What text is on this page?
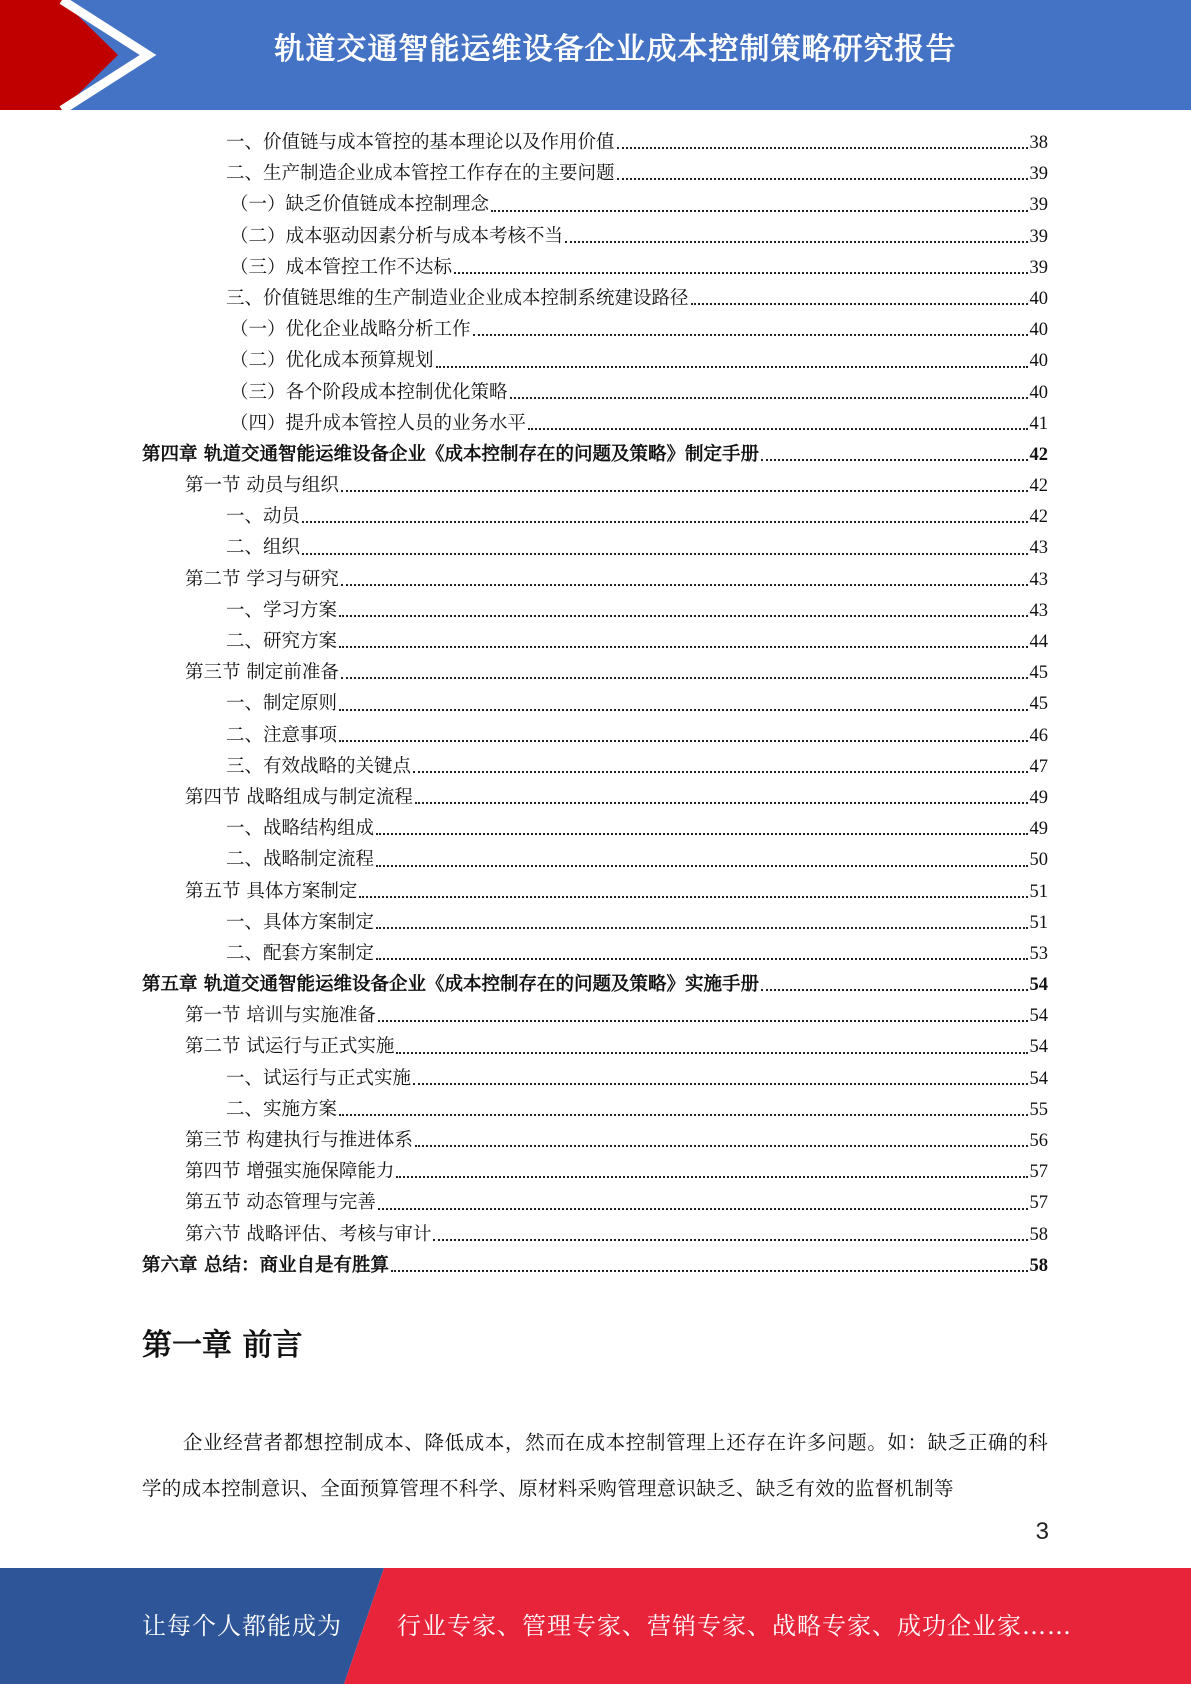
轨道交通智能运维设备企业成本控制策略研究报告
一、价值链与成本管控的基本理论以及作用价值	38
二、生产制造企业成本管控工作存在的主要问题	39
（一）缺乏价值链成本控制理念	39
（二）成本驱动因素分析与成本考核不当	39
（三）成本管控工作不达标	39
三、价值链思维的生产制造业企业成本控制系统建设路径	40
（一）优化企业战略分析工作	40
（二）优化成本预算规划	40
（三）各个阶段成本控制优化策略	40
（四）提升成本管控人员的业务水平	41
第四章 轨道交通智能运维设备企业《成本控制存在的问题及策略》制定手册	42
第一节 动员与组织	42
一、动员	42
二、组织	43
第二节 学习与研究	43
一、学习方案	43
二、研究方案	44
第三节 制定前准备	45
一、制定原则	45
二、注意事项	46
三、有效战略的关键点	47
第四节 战略组成与制定流程	49
一、战略结构组成	49
二、战略制定流程	50
第五节 具体方案制定	51
一、具体方案制定	51
二、配套方案制定	53
第五章 轨道交通智能运维设备企业《成本控制存在的问题及策略》实施手册	54
第一节 培训与实施准备	54
第二节 试运行与正式实施	54
一、试运行与正式实施	54
二、实施方案	55
第三节 构建执行与推进体系	56
第四节 增强实施保障能力	57
第五节 动态管理与完善	57
第六节 战略评估、考核与审计	58
第六章 总结：商业自是有胜算	58
第一章 前言
企业经营者都想控制成本、降低成本，然而在成本控制管理上还存在许多问题。如：缺乏正确的科学的成本控制意识、全面预算管理不科学、原材料采购管理意识缺乏、缺乏有效的监督机制等
3
让每个人都能成为 行业专家、管理专家、营销专家、战略专家、成功企业家……
